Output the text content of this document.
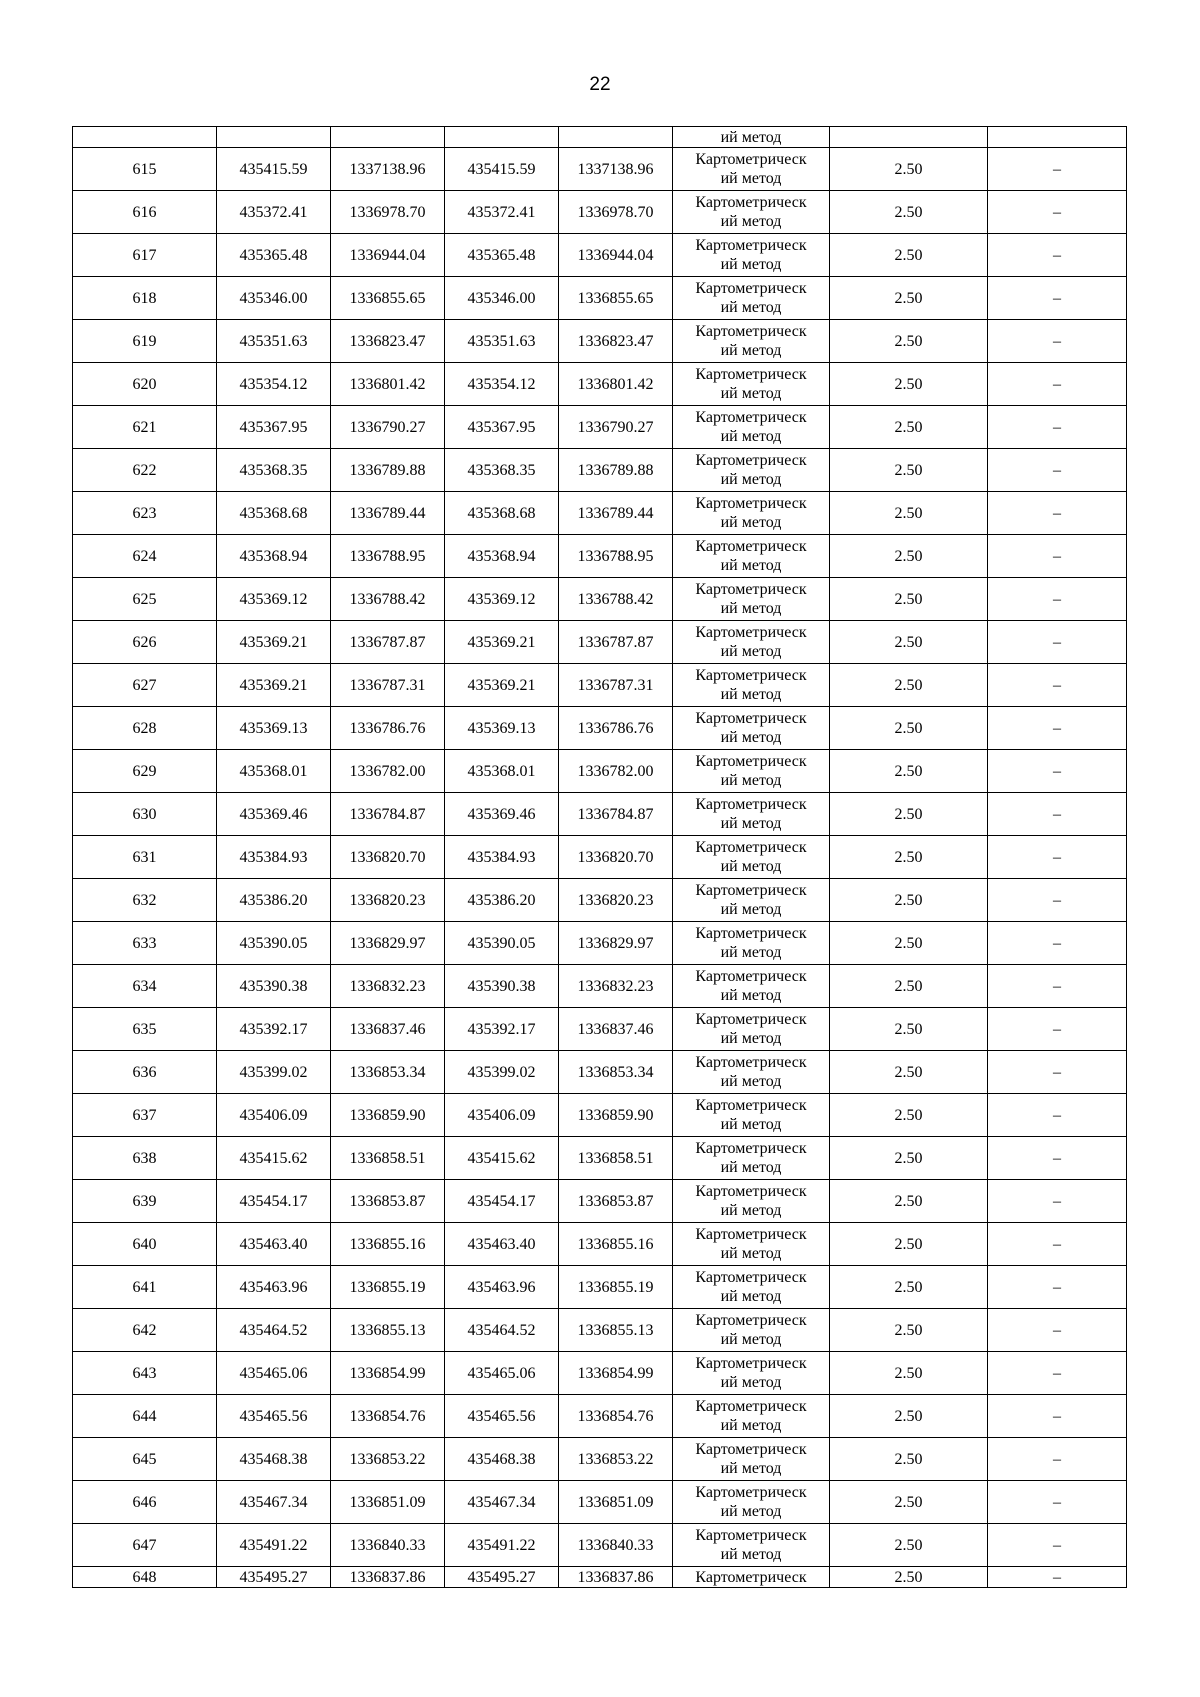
22
					ий метод		
615	435415.59	1337138.96	435415.59	1337138.96	Картометрическ
ий метод	2.50	–
616	435372.41	1336978.70	435372.41	1336978.70	Картометрическ
ий метод	2.50	–
617	435365.48	1336944.04	435365.48	1336944.04	Картометрическ
ий метод	2.50	–
618	435346.00	1336855.65	435346.00	1336855.65	Картометрическ
ий метод	2.50	–
619	435351.63	1336823.47	435351.63	1336823.47	Картометрическ
ий метод	2.50	–
620	435354.12	1336801.42	435354.12	1336801.42	Картометрическ
ий метод	2.50	–
621	435367.95	1336790.27	435367.95	1336790.27	Картометрическ
ий метод	2.50	–
622	435368.35	1336789.88	435368.35	1336789.88	Картометрическ
ий метод	2.50	–
623	435368.68	1336789.44	435368.68	1336789.44	Картометрическ
ий метод	2.50	–
624	435368.94	1336788.95	435368.94	1336788.95	Картометрическ
ий метод	2.50	–
625	435369.12	1336788.42	435369.12	1336788.42	Картометрическ
ий метод	2.50	–
626	435369.21	1336787.87	435369.21	1336787.87	Картометрическ
ий метод	2.50	–
627	435369.21	1336787.31	435369.21	1336787.31	Картометрическ
ий метод	2.50	–
628	435369.13	1336786.76	435369.13	1336786.76	Картометрическ
ий метод	2.50	–
629	435368.01	1336782.00	435368.01	1336782.00	Картометрическ
ий метод	2.50	–
630	435369.46	1336784.87	435369.46	1336784.87	Картометрическ
ий метод	2.50	–
631	435384.93	1336820.70	435384.93	1336820.70	Картометрическ
ий метод	2.50	–
632	435386.20	1336820.23	435386.20	1336820.23	Картометрическ
ий метод	2.50	–
633	435390.05	1336829.97	435390.05	1336829.97	Картометрическ
ий метод	2.50	–
634	435390.38	1336832.23	435390.38	1336832.23	Картометрическ
ий метод	2.50	–
635	435392.17	1336837.46	435392.17	1336837.46	Картометрическ
ий метод	2.50	–
636	435399.02	1336853.34	435399.02	1336853.34	Картометрическ
ий метод	2.50	–
637	435406.09	1336859.90	435406.09	1336859.90	Картометрическ
ий метод	2.50	–
638	435415.62	1336858.51	435415.62	1336858.51	Картометрическ
ий метод	2.50	–
639	435454.17	1336853.87	435454.17	1336853.87	Картометрическ
ий метод	2.50	–
640	435463.40	1336855.16	435463.40	1336855.16	Картометрическ
ий метод	2.50	–
641	435463.96	1336855.19	435463.96	1336855.19	Картометрическ
ий метод	2.50	–
642	435464.52	1336855.13	435464.52	1336855.13	Картометрическ
ий метод	2.50	–
643	435465.06	1336854.99	435465.06	1336854.99	Картометрическ
ий метод	2.50	–
644	435465.56	1336854.76	435465.56	1336854.76	Картометрическ
ий метод	2.50	–
645	435468.38	1336853.22	435468.38	1336853.22	Картометрическ
ий метод	2.50	–
646	435467.34	1336851.09	435467.34	1336851.09	Картометрическ
ий метод	2.50	–
647	435491.22	1336840.33	435491.22	1336840.33	Картометрическ
ий метод	2.50	–
648	435495.27	1336837.86	435495.27	1336837.86	Картометрическ	2.50	–
